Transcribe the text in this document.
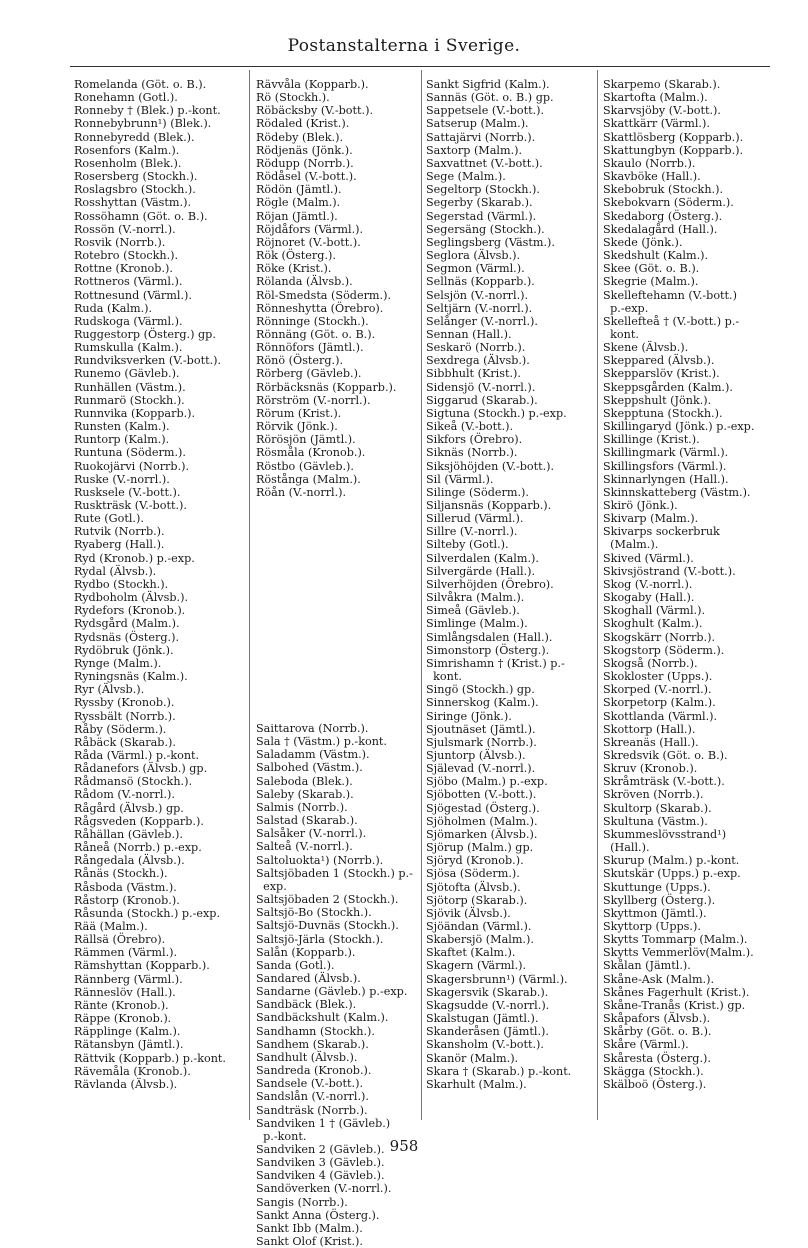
Postanstalterna i Sverige.
Romelanda (Göt. o. B.).
Ronehamn (Gotl.).
Ronneby † (Blek.) p.-kont.
Ronnebybrunn¹) (Blek.).
Ronnebyredd (Blek.).
Rosenfors (Kalm.).
Rosenholm (Blek.).
Rosersberg (Stockh.).
Roslagsbro (Stockh.).
Rosshyttan (Västm.).
Rossöhamn (Göt. o. B.).
Rossön (V.-norrl.).
Rosvik (Norrb.).
Rotebro (Stockh.).
Rottne (Kronob.).
Rottneros (Värml.).
Rottnesund (Värml.).
Ruda (Kalm.).
Rudskoga (Värml.).
Ruggestorp (Österg.) gp.
Rumskulla (Kalm.).
Rundviksverken (V.-bott.).
Runemo (Gävleb.).
Runhällen (Västm.).
Runmarö (Stockh.).
Runnvika (Kopparb.).
Runsten (Kalm.).
Runtorp (Kalm.).
Runtuna (Söderm.).
Ruokojärvi (Norrb.).
Ruske (V.-norrl.).
Rusksele (V.-bott.).
Ruskträsk (V.-bott.).
Rute (Gotl.).
Rutvik (Norrb.).
Ryaberg (Hall.).
Ryd (Kronob.) p.-exp.
Rydal (Älvsb.).
Rydbo (Stockh.).
Rydboholm (Älvsb.).
Rydefors (Kronob.).
Rydsgård (Malm.).
Rydsnäs (Österg.).
Rydöbruk (Jönk.).
Rynge (Malm.).
Ryningsnäs (Kalm.).
Ryr (Älvsb.).
Ryssby (Kronob.).
Ryssbält (Norrb.).
Råby (Söderm.).
Råbäck (Skarab.).
Råda (Värml.) p.-kont.
Rådanefors (Älvsb.) gp.
Rådmansö (Stockh.).
Rådom (V.-norrl.).
Rågård (Älvsb.) gp.
Rågsveden (Kopparb.).
Råhällan (Gävleb.).
Råneå (Norrb.) p.-exp.
Rångedala (Älvsb.).
Rånäs (Stockh.).
Råsboda (Västm.).
Råstorp (Kronob.).
Råsunda (Stockh.) p.-exp.
Rää (Malm.).
Rällsä (Örebro).
Rämmen (Värml.).
Rämshyttan (Kopparb.).
Rännberg (Värml.).
Ränneslöv (Hall.).
Ränte (Kronob.).
Räppe (Kronob.).
Räpplinge (Kalm.).
Rätansbyn (Jämtl.).
Rättvik (Kopparb.) p.-kont.
Rävemåla (Kronob.).
Rävlanda (Älvsb.).
Rävvåla (Kopparb.).
Rö (Stockh.).
Röbäcksby (V.-bott.).
Rödaled (Krist.).
Rödeby (Blek.).
Rödjenäs (Jönk.).
Rödupp (Norrb.).
Rödåsel (V.-bott.).
Rödön (Jämtl.).
Rögle (Malm.).
Röjan (Jämtl.).
Röjdåfors (Värml.).
Röjnoret (V.-bott.).
Rök (Österg.).
Röke (Krist.).
Rölanda (Älvsb.).
Röl-Smedsta (Söderm.).
Rönneshytta (Örebro).
Rönninge (Stockh.).
Rönnäng (Göt. o. B.).
Rönnöfors (Jämtl.).
Rönö (Österg.).
Rörberg (Gävleb.).
Rörbäcksnäs (Kopparb.).
Rörström (V.-norrl.).
Rörum (Krist.).
Rörvik (Jönk.).
Rörösjön (Jämtl.).
Rösmåla (Kronob.).
Röstbo (Gävleb.).
Röstånga (Malm.).
Röån (V.-norrl.).
Saittarova (Norrb.).
Sala † (Västm.) p.-kont.
Saladamm (Västm.).
Salbohed (Västm.).
Saleboda (Blek.).
Saleby (Skarab.).
Salmis (Norrb.).
Salstad (Skarab.).
Salsåker (V.-norrl.).
Salteå (V.-norrl.).
Saltoluokta¹) (Norrb.).
Saltsjöbaden 1 (Stockh.) p.-
exp.
Saltsjöbaden 2 (Stockh.).
Saltsjö-Bo (Stockh.).
Saltsjö-Duvnäs (Stockh.).
Saltsjö-Järla (Stockh.).
Salån (Kopparb.).
Sanda (Gotl.).
Sandared (Älvsb.).
Sandarne (Gävleb.) p.-exp.
Sandbäck (Blek.).
Sandbäckshult (Kalm.).
Sandhamn (Stockh.).
Sandhem (Skarab.).
Sandhult (Älvsb.).
Sandreda (Kronob.).
Sandsele (V.-bott.).
Sandslån (V.-norrl.).
Sandträsk (Norrb.).
Sandviken 1 † (Gävleb.)
p.-kont.
Sandviken 2 (Gävleb.).
Sandviken 3 (Gävleb.).
Sandviken 4 (Gävleb.).
Sandöverken (V.-norrl.).
Sangis (Norrb.).
Sankt Anna (Österg.).
Sankt Ibb (Malm.).
Sankt Olof (Krist.).
Sankt Sigfrid (Kalm.).
Sannäs (Göt. o. B.) gp.
Sappetsele (V.-bott.).
Satserup (Malm.).
Sattajärvi (Norrb.).
Saxtorp (Malm.).
Saxvattnet (V.-bott.).
Sege (Malm.).
Segeltorp (Stockh.).
Segerby (Skarab.).
Segerstad (Värml.).
Segersäng (Stockh.).
Seglingsberg (Västm.).
Seglora (Älvsb.).
Segmon (Värml.).
Sellnäs (Kopparb.).
Selsjön (V.-norrl.).
Seltjärn (V.-norrl.).
Selånger (V.-norrl.).
Sennan (Hall.).
Seskarö (Norrb.).
Sexdrega (Älvsb.).
Sibbhult (Krist.).
Sidensjö (V.-norrl.).
Siggarud (Skarab.).
Sigtuna (Stockh.) p.-exp.
Sikeå (V.-bott.).
Sikfors (Örebro).
Siknäs (Norrb.).
Siksjöhöjden (V.-bott.).
Sil (Värml.).
Silinge (Söderm.).
Siljansnäs (Kopparb.).
Sillerud (Värml.).
Sillre (V.-norrl.).
Silteby (Gotl.).
Silverdalen (Kalm.).
Silvergärde (Hall.).
Silverhöjden (Örebro).
Silvåkra (Malm.).
Simeå (Gävleb.).
Simlinge (Malm.).
Simlångsdalen (Hall.).
Simonstorp (Österg.).
Simrishamn † (Krist.) p.-
kont.
Singö (Stockh.) gp.
Sinnerskog (Kalm.).
Siringe (Jönk.).
Sjoutnäset (Jämtl.).
Sjulsmark (Norrb.).
Sjuntorp (Älvsb.).
Själevad (V.-norrl.).
Sjöbo (Malm.) p.-exp.
Sjöbotten (V.-bott.).
Sjögestad (Österg.).
Sjöholmen (Malm.).
Sjömarken (Älvsb.).
Sjörup (Malm.) gp.
Sjöryd (Kronob.).
Sjösa (Söderm.).
Sjötofta (Älvsb.).
Sjötorp (Skarab.).
Sjövik (Älvsb.).
Sjöändan (Värml.).
Skabersjö (Malm.).
Skaftet (Kalm.).
Skagern (Värml.).
Skagersbrunn¹) (Värml.).
Skagersvik (Skarab.).
Skagsudde (V.-norrl.).
Skalstugan (Jämtl.).
Skanderåsen (Jämtl.).
Skansholm (V.-bott.).
Skanör (Malm.).
Skara † (Skarab.) p.-kont.
Skarhult (Malm.).
Skarpemo (Skarab.).
Skartofta (Malm.).
Skarvsjöby (V.-bott.).
Skattkärr (Värml.).
Skattlösberg (Kopparb.).
Skattungbyn (Kopparb.).
Skaulo (Norrb.).
Skavböke (Hall.).
Skebobruk (Stockh.).
Skebokvarn (Söderm.).
Skedaborg (Österg.).
Skedalagård (Hall.).
Skede (Jönk.).
Skedshult (Kalm.).
Skee (Göt. o. B.).
Skegrie (Malm.).
Skelleftehamn (V.-bott.)
p.-exp.
Skellefteå † (V.-bott.) p.-
kont.
Skene (Älvsb.).
Skeppared (Älvsb.).
Skepparslöv (Krist.).
Skeppsgården (Kalm.).
Skeppshult (Jönk.).
Skepptuna (Stockh.).
Skillingaryd (Jönk.) p.-exp.
Skillinge (Krist.).
Skillingmark (Värml.).
Skillingsfors (Värml.).
Skinnarlyngen (Hall.).
Skinnskatteberg (Västm.).
Skirö (Jönk.).
Skivarp (Malm.).
Skivarps sockerbruk
(Malm.).
Skived (Värml.).
Skivsjöstrand (V.-bott.).
Skog (V.-norrl.).
Skogaby (Hall.).
Skoghall (Värml.).
Skoghult (Kalm.).
Skogskärr (Norrb.).
Skogstorp (Söderm.).
Skogså (Norrb.).
Skokloster (Upps.).
Skorped (V.-norrl.).
Skorpetorp (Kalm.).
Skottlanda (Värml.).
Skottorp (Hall.).
Skreanäs (Hall.).
Skredsvik (Göt. o. B.).
Skruv (Kronob.).
Skråmträsk (V.-bott.).
Skröven (Norrb.).
Skultorp (Skarab.).
Skultuna (Västm.).
Skummeslövsstrand¹)
(Hall.).
Skurup (Malm.) p.-kont.
Skutskär (Upps.) p.-exp.
Skuttunge (Upps.).
Skyllberg (Österg.).
Skyttmon (Jämtl.).
Skyttorp (Upps.).
Skytts Tommarp (Malm.).
Skytts Vemmerlöv(Malm.).
Skålan (Jämtl.).
Skåne-Ask (Malm.).
Skånes Fagerhult (Krist.).
Skåne-Tranås (Krist.) gp.
Skåpafors (Älvsb.).
Skårby (Göt. o. B.).
Skåre (Värml.).
Skåresta (Österg.).
Skägga (Stockh.).
Skälboö (Österg.).
958
